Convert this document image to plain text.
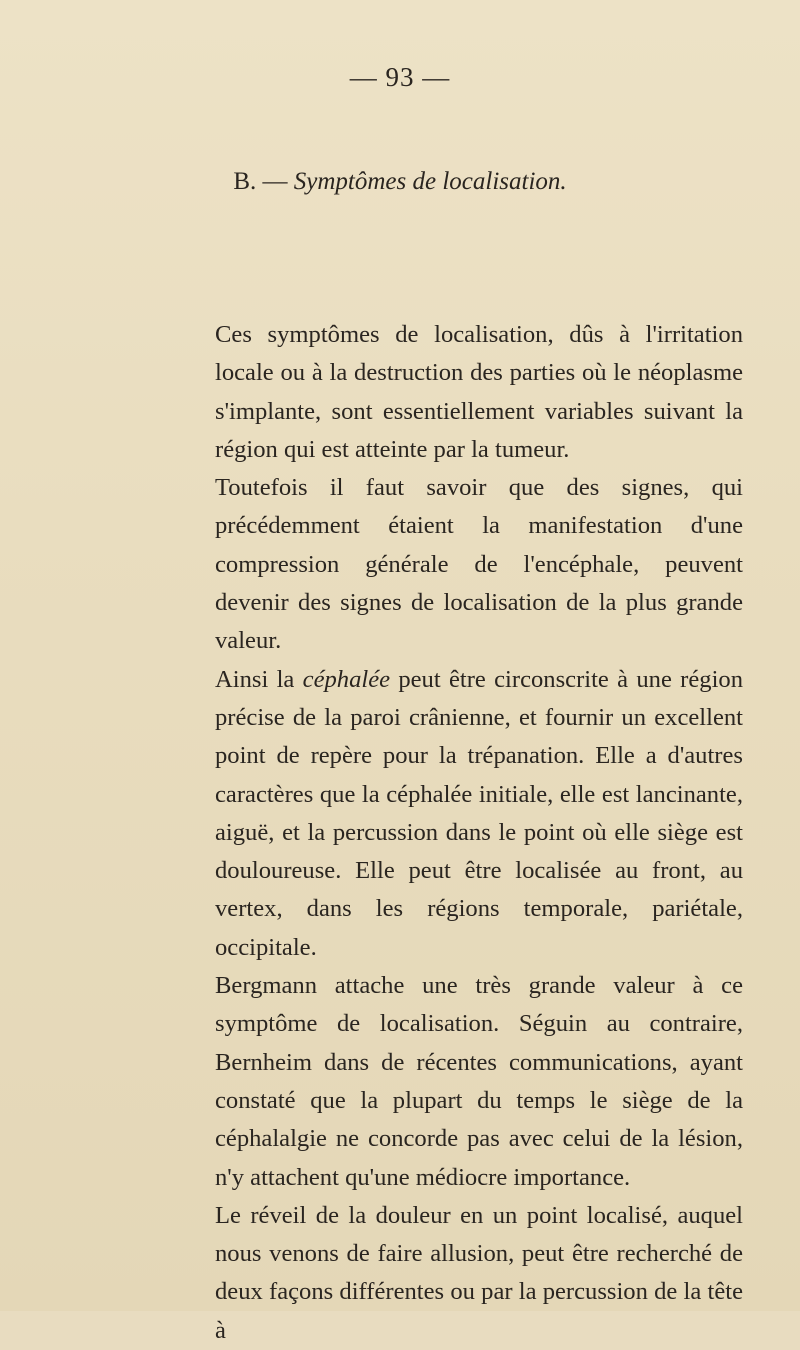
— 93 —
B. — Symptômes de localisation.

Ces symptômes de localisation, dûs à l'irritation locale ou à la destruction des parties où le néoplasme s'implante, sont essentiellement variables suivant la région qui est atteinte par la tumeur.

Toutefois il faut savoir que des signes, qui précédemment étaient la manifestation d'une compression générale de l'encéphale, peuvent devenir des signes de localisation de la plus grande valeur.

Ainsi la céphalée peut être circonscrite à une région précise de la paroi crânienne, et fournir un excellent point de repère pour la trépanation. Elle a d'autres caractères que la céphalée initiale, elle est lancinante, aiguë, et la percussion dans le point où elle siège est douloureuse. Elle peut être localisée au front, au vertex, dans les régions temporale, pariétale, occipitale.

Bergmann attache une très grande valeur à ce symptôme de localisation. Séguin au contraire, Bernheim dans de récentes communications, ayant constaté que la plupart du temps le siège de la céphalalgie ne concorde pas avec celui de la lésion, n'y attachent qu'une médiocre importance.

Le réveil de la douleur en un point localisé, auquel nous venons de faire allusion, peut être recherché de deux façons différentes ou par la percussion de la tête à
